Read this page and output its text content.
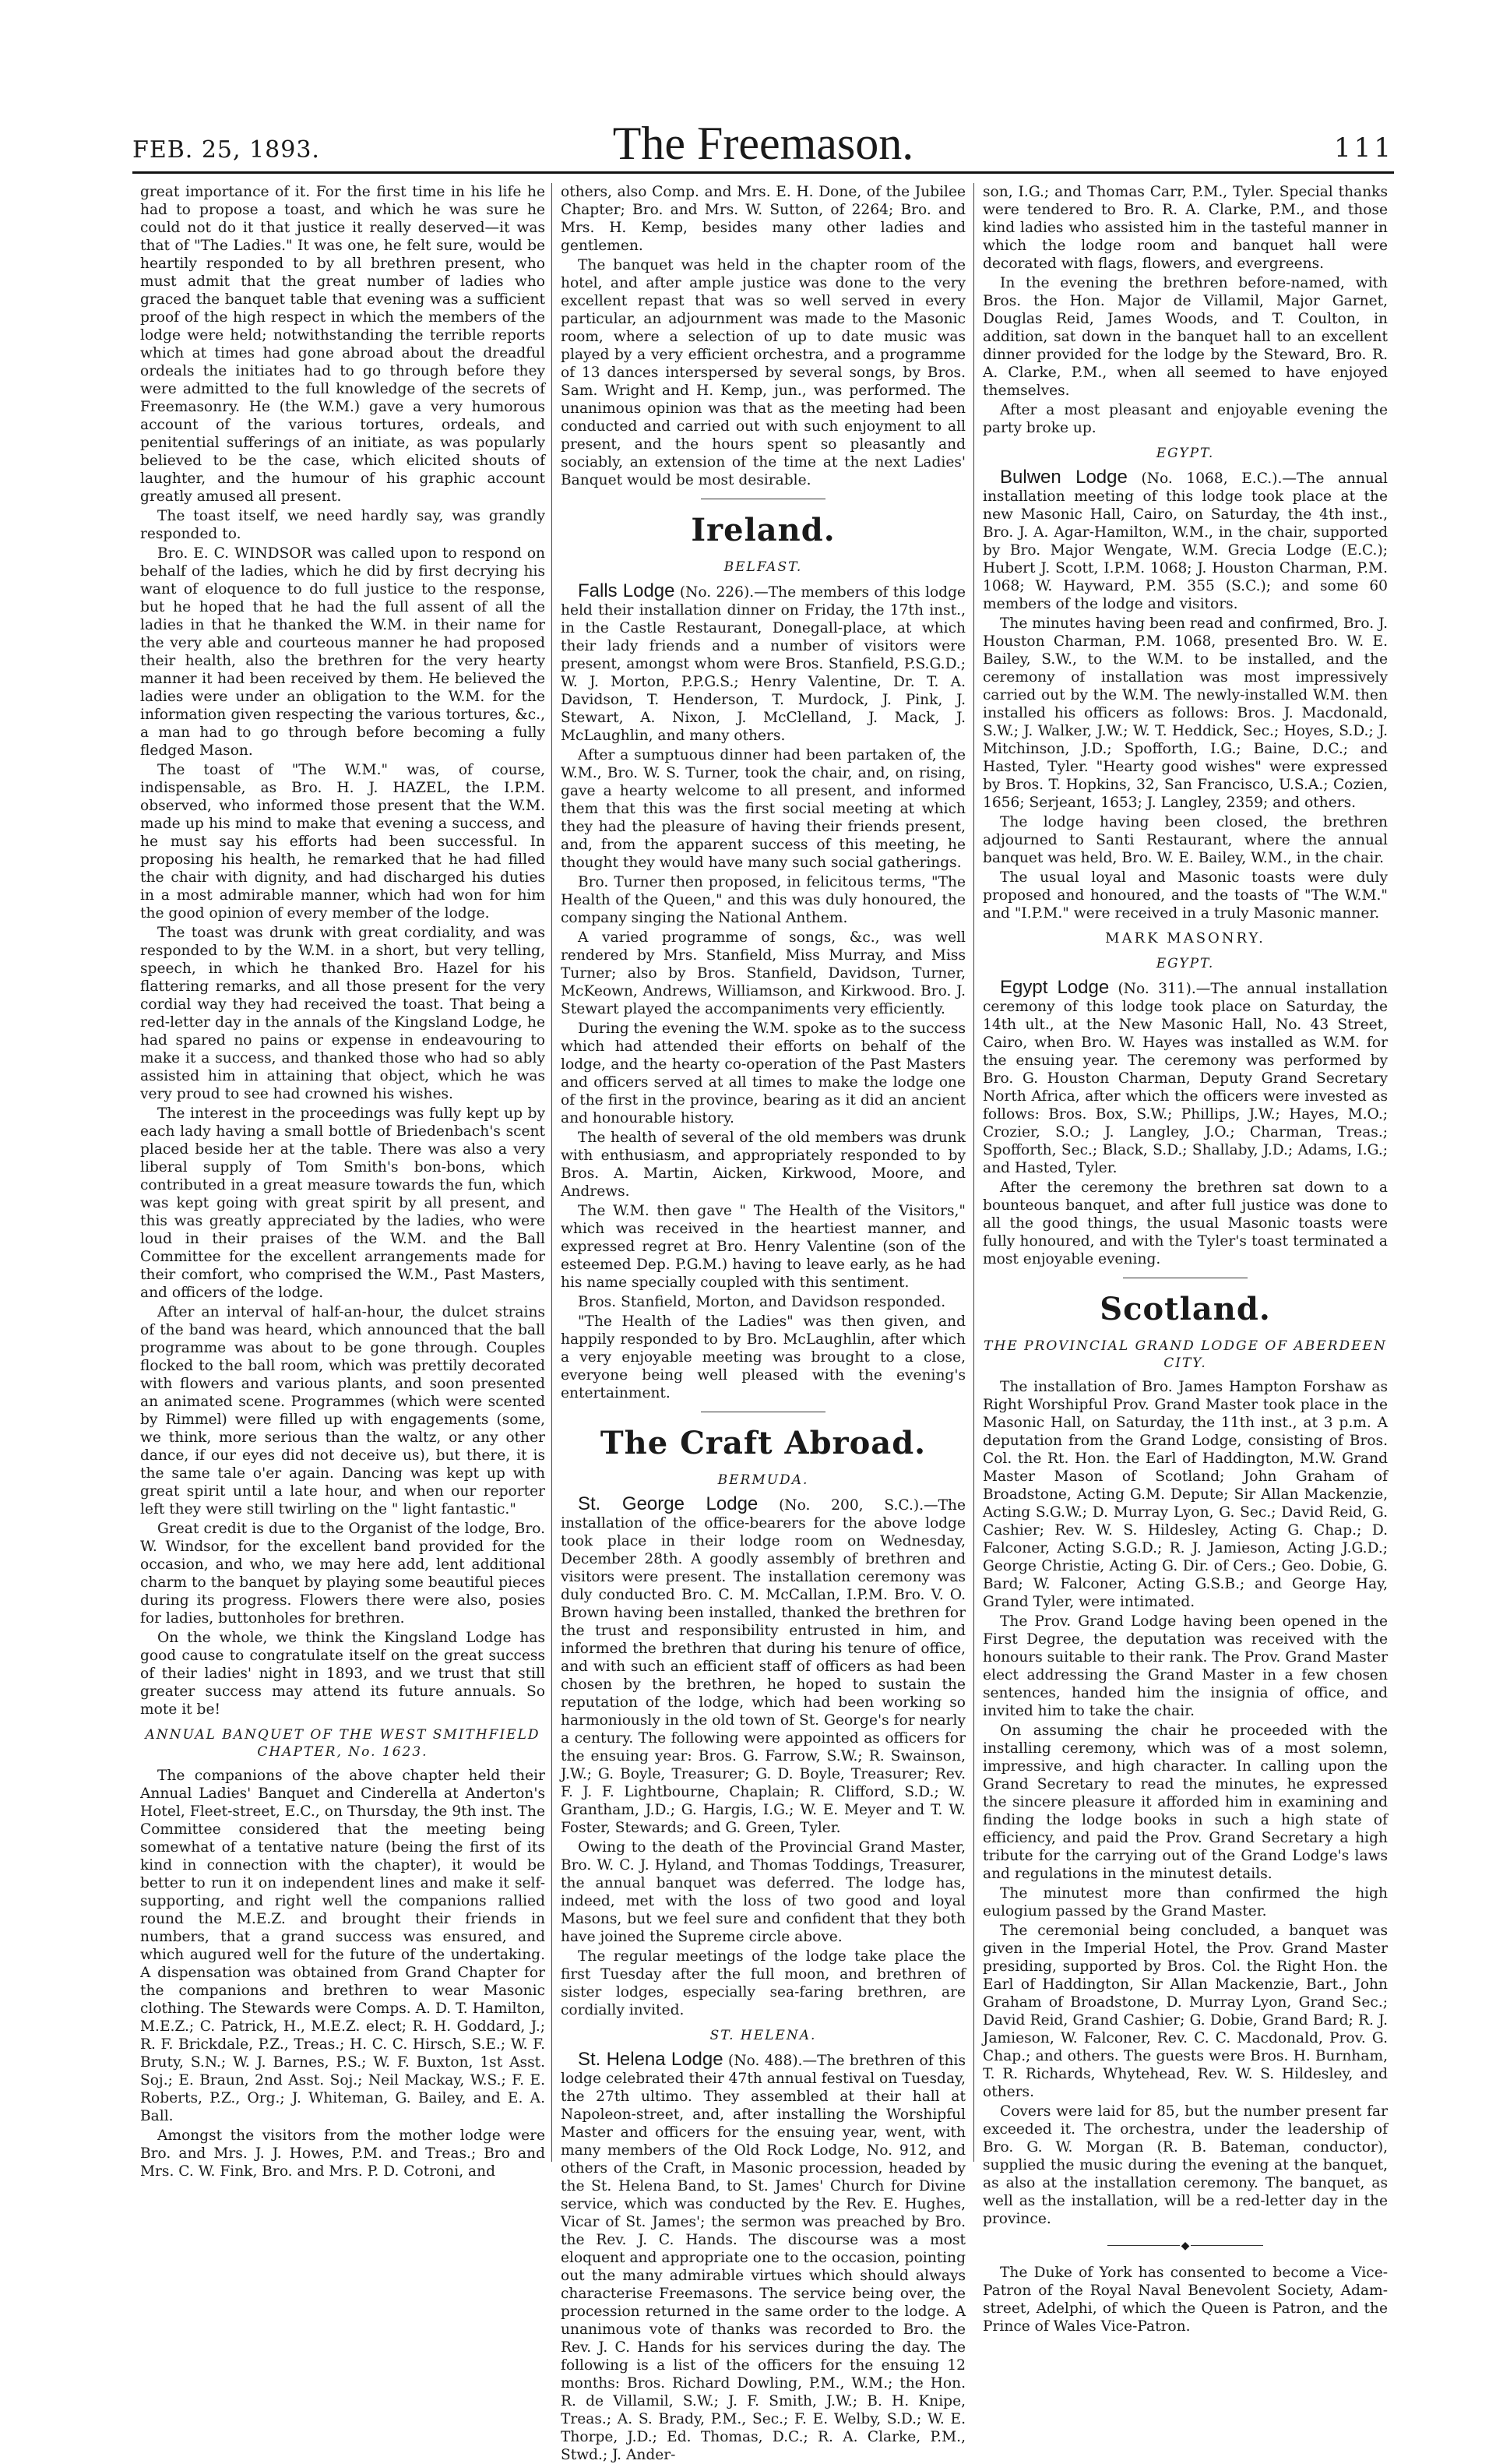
FEB. 25, 1893.	The Freemason.	111

great importance of it. For the first time in his life he had to propose a toast, and which he was sure he could not do it that justice it really deserved—it was that of "The Ladies." It was one, he felt sure, would be heartily responded to by all brethren present, who must admit that the great number of ladies who graced the banquet table that evening was a sufficient proof of the high respect in which the members of the lodge were held; notwithstanding the terrible reports which at times had gone abroad about the dreadful ordeals the initiates had to go through before they were admitted to the full knowledge of the secrets of Freemasonry. He (the W.M.) gave a very humorous account of the various tortures, ordeals, and penitential sufferings of an initiate, as was popularly believed to be the case, which elicited shouts of laughter, and the humour of his graphic account greatly amused all present.

The toast itself, we need hardly say, was grandly responded to.

Bro. E. C. WINDSOR was called upon to respond on behalf of the ladies, which he did by first decrying his want of eloquence to do full justice to the response, but he hoped that he had the full assent of all the ladies in that he thanked the W.M. in their name for the very able and courteous manner he had proposed their health, also the brethren for the very hearty manner it had been received by them. He believed the ladies were under an obligation to the W.M. for the information given respecting the various tortures, &c., a man had to go through before becoming a fully fledged Mason.

The toast of "The W.M." was, of course, indispensable, as Bro. H. J. HAZEL, the I.P.M. observed, who informed those present that the W.M. made up his mind to make that evening a success, and he must say his efforts had been successful. In proposing his health, he remarked that he had filled the chair with dignity, and had discharged his duties in a most admirable manner, which had won for him the good opinion of every member of the lodge.

The toast was drunk with great cordiality, and was responded to by the W.M. in a short, but very telling, speech, in which he thanked Bro. Hazel for his flattering remarks, and all those present for the very cordial way they had received the toast. That being a red-letter day in the annals of the Kingsland Lodge, he had spared no pains or expense in endeavouring to make it a success, and thanked those who had so ably assisted him in attaining that object, which he was very proud to see had crowned his wishes.

The interest in the proceedings was fully kept up by each lady having a small bottle of Briedenbach's scent placed beside her at the table. There was also a very liberal supply of Tom Smith's bon-bons, which contributed in a great measure towards the fun, which was kept going with great spirit by all present, and this was greatly appreciated by the ladies, who were loud in their praises of the W.M. and the Ball Committee for the excellent arrangements made for their comfort, who comprised the W.M., Past Masters, and officers of the lodge.

After an interval of half-an-hour, the dulcet strains of the band was heard, which announced that the ball programme was about to be gone through. Couples flocked to the ball room, which was prettily decorated with flowers and various plants, and soon presented an animated scene. Programmes (which were scented by Rimmel) were filled up with engagements (some, we think, more serious than the waltz, or any other dance, if our eyes did not deceive us), but there, it is the same tale o'er again. Dancing was kept up with great spirit until a late hour, and when our reporter left they were still twirling on the " light fantastic."

Great credit is due to the Organist of the lodge, Bro. W. Windsor, for the excellent band provided for the occasion, and who, we may here add, lent additional charm to the banquet by playing some beautiful pieces during its progress. Flowers there were also, posies for ladies, buttonholes for brethren.

On the whole, we think the Kingsland Lodge has good cause to congratulate itself on the great success of their ladies' night in 1893, and we trust that still greater success may attend its future annuals. So mote it be!

ANNUAL BANQUET OF THE WEST SMITHFIELD CHAPTER, No. 1623.

The companions of the above chapter held their Annual Ladies' Banquet and Cinderella at Anderton's Hotel, Fleet-street, E.C., on Thursday, the 9th inst. The Committee considered that the meeting being somewhat of a tentative nature (being the first of its kind in connection with the chapter), it would be better to run it on independent lines and make it self-supporting, and right well the companions rallied round the M.E.Z. and brought their friends in numbers, that a grand success was ensured, and which augured well for the future of the undertaking. A dispensation was obtained from Grand Chapter for the companions and brethren to wear Masonic clothing. The Stewards were Comps. A. D. T. Hamilton, M.E.Z.; C. Patrick, H., M.E.Z. elect; R. H. Goddard, J.; R. F. Brickdale, P.Z., Treas.; H. C. C. Hirsch, S.E.; W. F. Bruty, S.N.; W. J. Barnes, P.S.; W. F. Buxton, 1st Asst. Soj.; E. Braun, 2nd Asst. Soj.; Neil Mackay, W.S.; F. E. Roberts, P.Z., Org.; J. Whiteman, G. Bailey, and E. A. Ball.

Amongst the visitors from the mother lodge were Bro. and Mrs. J. J. Howes, P.M. and Treas.; Bro and Mrs. C. W. Fink, Bro. and Mrs. P. D. Cotroni, and

others, also Comp. and Mrs. E. H. Done, of the Jubilee Chapter; Bro. and Mrs. W. Sutton, of 2264; Bro. and Mrs. H. Kemp, besides many other ladies and gentlemen.

The banquet was held in the chapter room of the hotel, and after ample justice was done to the very excellent repast that was so well served in every particular, an adjournment was made to the Masonic room, where a selection of up to date music was played by a very efficient orchestra, and a programme of 13 dances interspersed by several songs, by Bros. Sam. Wright and H. Kemp, jun., was performed. The unanimous opinion was that as the meeting had been conducted and carried out with such enjoyment to all present, and the hours spent so pleasantly and sociably, an extension of the time at the next Ladies' Banquet would be most desirable.

Ireland.
BELFAST.

Falls Lodge (No. 226).—The members of this lodge held their installation dinner on Friday, the 17th inst., in the Castle Restaurant, Donegall-place, at which their lady friends and a number of visitors were present, amongst whom were Bros. Stanfield, P.S.G.D.; W. J. Morton, P.P.G.S.; Henry Valentine, Dr. T. A. Davidson, T. Henderson, T. Murdock, J. Pink, J. Stewart, A. Nixon, J. McClelland, J. Mack, J. McLaughlin, and many others.

After a sumptuous dinner had been partaken of, the W.M., Bro. W. S. Turner, took the chair, and, on rising, gave a hearty welcome to all present, and informed them that this was the first social meeting at which they had the pleasure of having their friends present, and, from the apparent success of this meeting, he thought they would have many such social gatherings.

Bro. Turner then proposed, in felicitous terms, "The Health of the Queen," and this was duly honoured, the company singing the National Anthem.

A varied programme of songs, &c., was well rendered by Mrs. Stanfield, Miss Murray, and Miss Turner; also by Bros. Stanfield, Davidson, Turner, McKeown, Andrews, Williamson, and Kirkwood. Bro. J. Stewart played the accompaniments very efficiently.

During the evening the W.M. spoke as to the success which had attended their efforts on behalf of the lodge, and the hearty co-operation of the Past Masters and officers served at all times to make the lodge one of the first in the province, bearing as it did an ancient and honourable history.

The health of several of the old members was drunk with enthusiasm, and appropriately responded to by Bros. A. Martin, Aicken, Kirkwood, Moore, and Andrews.

The W.M. then gave " The Health of the Visitors," which was received in the heartiest manner, and expressed regret at Bro. Henry Valentine (son of the esteemed Dep. P.G.M.) having to leave early, as he had his name specially coupled with this sentiment.

Bros. Stanfield, Morton, and Davidson responded.

"The Health of the Ladies" was then given, and happily responded to by Bro. McLaughlin, after which a very enjoyable meeting was brought to a close, everyone being well pleased with the evening's entertainment.

The Craft Abroad.
BERMUDA.

St. George Lodge (No. 200, S.C.).—The installation of the office-bearers for the above lodge took place in their lodge room on Wednesday, December 28th. A goodly assembly of brethren and visitors were present. The installation ceremony was duly conducted Bro. C. M. McCallan, I.P.M. Bro. V. O. Brown having been installed, thanked the brethren for the trust and responsibility entrusted in him, and informed the brethren that during his tenure of office, and with such an efficient staff of officers as had been chosen by the brethren, he hoped to sustain the reputation of the lodge, which had been working so harmoniously in the old town of St. George's for nearly a century. The following were appointed as officers for the ensuing year: Bros. G. Farrow, S.W.; R. Swainson, J.W.; G. Boyle, Treasurer; G. D. Boyle, Treasurer; Rev. F. J. F. Lightbourne, Chaplain; R. Clifford, S.D.; W. Grantham, J.D.; G. Hargis, I.G.; W. E. Meyer and T. W. Foster, Stewards; and G. Green, Tyler.

Owing to the death of the Provincial Grand Master, Bro. W. C. J. Hyland, and Thomas Toddings, Treasurer, the annual banquet was deferred. The lodge has, indeed, met with the loss of two good and loyal Masons, but we feel sure and confident that they both have joined the Supreme circle above.

The regular meetings of the lodge take place the first Tuesday after the full moon, and brethren of sister lodges, especially sea-faring brethren, are cordially invited.

ST. HELENA.

St. Helena Lodge (No. 488).—The brethren of this lodge celebrated their 47th annual festival on Tuesday, the 27th ultimo. They assembled at their hall at Napoleon-street, and, after installing the Worshipful Master and officers for the ensuing year, went, with many members of the Old Rock Lodge, No. 912, and others of the Craft, in Masonic procession, headed by the St. Helena Band, to St. James' Church for Divine service, which was conducted by the Rev. E. Hughes, Vicar of St. James'; the sermon was preached by Bro. the Rev. J. C. Hands. The discourse was a most eloquent and appropriate one to the occasion, pointing out the many admirable virtues which should always characterise Freemasons. The service being over, the procession returned in the same order to the lodge. A unanimous vote of thanks was recorded to Bro. the Rev. J. C. Hands for his services during the day. The following is a list of the officers for the ensuing 12 months: Bros. Richard Dowling, P.M., W.M.; the Hon. R. de Villamil, S.W.; J. F. Smith, J.W.; B. H. Knipe, Treas.; A. S. Brady, P.M., Sec.; F. E. Welby, S.D.; W. E. Thorpe, J.D.; Ed. Thomas, D.C.; R. A. Clarke, P.M., Stwd.; J. Ander-

son, I.G.; and Thomas Carr, P.M., Tyler. Special thanks were tendered to Bro. R. A. Clarke, P.M., and those kind ladies who assisted him in the tasteful manner in which the lodge room and banquet hall were decorated with flags, flowers, and evergreens.

In the evening the brethren before-named, with Bros. the Hon. Major de Villamil, Major Garnet, Douglas Reid, James Woods, and T. Coulton, in addition, sat down in the banquet hall to an excellent dinner provided for the lodge by the Steward, Bro. R. A. Clarke, P.M., when all seemed to have enjoyed themselves.

After a most pleasant and enjoyable evening the party broke up.

EGYPT.

Bulwen Lodge (No. 1068, E.C.).—The annual installation meeting of this lodge took place at the new Masonic Hall, Cairo, on Saturday, the 4th inst., Bro. J. A. Agar-Hamilton, W.M., in the chair, supported by Bro. Major Wengate, W.M. Grecia Lodge (E.C.); Hubert J. Scott, I.P.M. 1068; J. Houston Charman, P.M. 1068; W. Hayward, P.M. 355 (S.C.); and some 60 members of the lodge and visitors.

The minutes having been read and confirmed, Bro. J. Houston Charman, P.M. 1068, presented Bro. W. E. Bailey, S.W., to the W.M. to be installed, and the ceremony of installation was most impressively carried out by the W.M. The newly-installed W.M. then installed his officers as follows: Bros. J. Macdonald, S.W.; J. Walker, J.W.; W. T. Heddick, Sec.; Hoyes, S.D.; J. Mitchinson, J.D.; Spofforth, I.G.; Baine, D.C.; and Hasted, Tyler. "Hearty good wishes" were expressed by Bros. T. Hopkins, 32, San Francisco, U.S.A.; Cozien, 1656; Serjeant, 1653; J. Langley, 2359; and others.

The lodge having been closed, the brethren adjourned to Santi Restaurant, where the annual banquet was held, Bro. W. E. Bailey, W.M., in the chair.

The usual loyal and Masonic toasts were duly proposed and honoured, and the toasts of "The W.M." and "I.P.M." were received in a truly Masonic manner.

MARK MASONRY.
EGYPT.

Egypt Lodge (No. 311).—The annual installation ceremony of this lodge took place on Saturday, the 14th ult., at the New Masonic Hall, No. 43 Street, Cairo, when Bro. W. Hayes was installed as W.M. for the ensuing year. The ceremony was performed by Bro. G. Houston Charman, Deputy Grand Secretary North Africa, after which the officers were invested as follows: Bros. Box, S.W.; Phillips, J.W.; Hayes, M.O.; Crozier, S.O.; J. Langley, J.O.; Charman, Treas.; Spofforth, Sec.; Black, S.D.; Shallaby, J.D.; Adams, I.G.; and Hasted, Tyler.

After the ceremony the brethren sat down to a bounteous banquet, and after full justice was done to all the good things, the usual Masonic toasts were fully honoured, and with the Tyler's toast terminated a most enjoyable evening.

Scotland.
THE PROVINCIAL GRAND LODGE OF ABERDEEN CITY.

The installation of Bro. James Hampton Forshaw as Right Worshipful Prov. Grand Master took place in the Masonic Hall, on Saturday, the 11th inst., at 3 p.m. A deputation from the Grand Lodge, consisting of Bros. Col. the Rt. Hon. the Earl of Haddington, M.W. Grand Master Mason of Scotland; John Graham of Broadstone, Acting G.M. Depute; Sir Allan Mackenzie, Acting S.G.W.; D. Murray Lyon, G. Sec.; David Reid, G. Cashier; Rev. W. S. Hildesley, Acting G. Chap.; D. Falconer, Acting S.G.D.; R. J. Jamieson, Acting J.G.D.; George Christie, Acting G. Dir. of Cers.; Geo. Dobie, G. Bard; W. Falconer, Acting G.S.B.; and George Hay, Grand Tyler, were intimated.

The Prov. Grand Lodge having been opened in the First Degree, the deputation was received with the honours suitable to their rank. The Prov. Grand Master elect addressing the Grand Master in a few chosen sentences, handed him the insignia of office, and invited him to take the chair.

On assuming the chair he proceeded with the installing ceremony, which was of a most solemn, impressive, and high character. In calling upon the Grand Secretary to read the minutes, he expressed the sincere pleasure it afforded him in examining and finding the lodge books in such a high state of efficiency, and paid the Prov. Grand Secretary a high tribute for the carrying out of the Grand Lodge's laws and regulations in the minutest details.

The minutest more than confirmed the high eulogium passed by the Grand Master.

The ceremonial being concluded, a banquet was given in the Imperial Hotel, the Prov. Grand Master presiding, supported by Bros. Col. the Right Hon. the Earl of Haddington, Sir Allan Mackenzie, Bart., John Graham of Broadstone, D. Murray Lyon, Grand Sec.; David Reid, Grand Cashier; G. Dobie, Grand Bard; R. J. Jamieson, W. Falconer, Rev. C. C. Macdonald, Prov. G. Chap.; and others. The guests were Bros. H. Burnham, T. R. Richards, Whytehead, Rev. W. S. Hildesley, and others.

Covers were laid for 85, but the number present far exceeded it. The orchestra, under the leadership of Bro. G. W. Morgan (R. B. Bateman, conductor), supplied the music during the evening at the banquet, as also at the installation ceremony. The banquet, as well as the installation, will be a red-letter day in the province.

◆

The Duke of York has consented to become a Vice-Patron of the Royal Naval Benevolent Society, Adam-street, Adelphi, of which the Queen is Patron, and the Prince of Wales Vice-Patron.
